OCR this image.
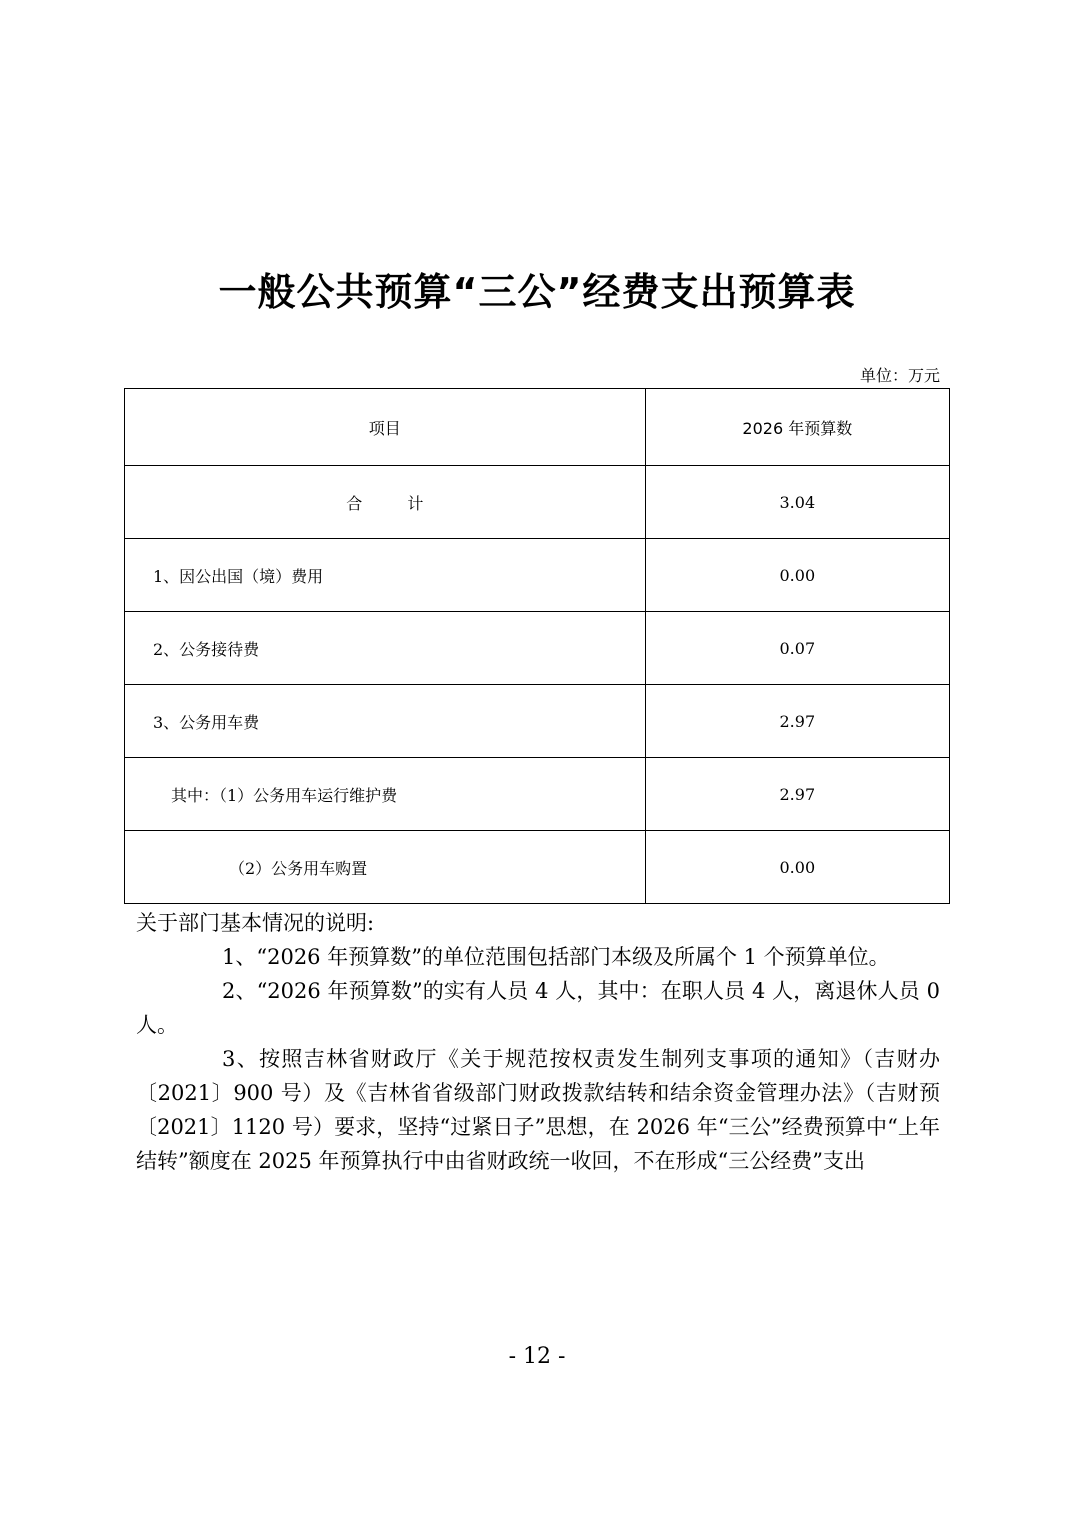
一般公共预算“三公”经费支出预算表
单位：万元
项目	2026 年预算数
合 计	3.04
1、因公出国（境）费用	0.00
2、公务接待费	0.07
3、公务用车费	2.97
其中：（1）公务用车运行维护费	2.97
（2）公务用车购置	0.00

关于部门基本情况的说明:

1、“2026 年预算数”的单位范围包括部门本级及所属个 1 个预算单位。

2、“2026 年预算数”的实有人员 4 人，其中：在职人员 4 人，离退休人员 0 人。

3、按照吉林省财政厅《关于规范按权责发生制列支事项的通知》（吉财办〔2021〕900 号）及《吉林省省级部门财政拨款结转和结余资金管理办法》（吉财预〔2021〕1120 号）要求，坚持“过紧日子”思想，在 2026 年“三公”经费预算中“上年结转”额度在 2025 年预算执行中由省财政统一收回，不在形成“三公经费”支出

- 12 -
